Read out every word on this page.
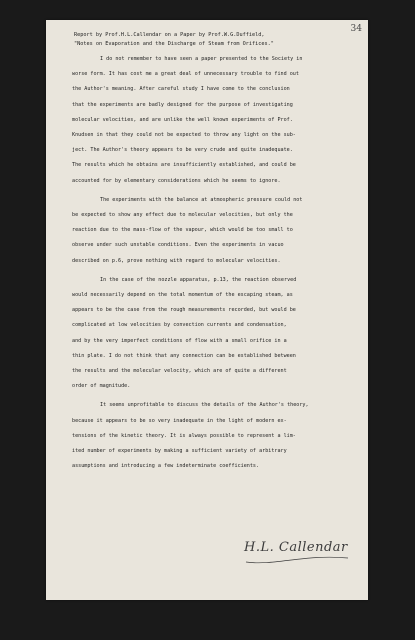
34
Report by Prof.H.L.Callendar on a Paper by Prof.W.G.Duffield,
"Notes on Evaporation and the Discharge of Steam from Orifices."
I do not remember to have seen a paper presented to the Society in
worse form. It has cost me a great deal of unnecessary trouble to find out
the Author's meaning. After careful study I have come to the conclusion
that the experiments are badly designed for the purpose of investigating
molecular velocities, and are unlike the well known experiments of Prof.
Knudsen in that they could not be expected to throw any light on the sub-
ject. The Author's theory appears to be very crude and quite inadequate.
The results which he obtains are insufficiently established, and could be
accounted for by elementary considerations which he seems to ignore.
The experiments with the balance at atmospheric pressure could not
be expected to show any effect due to molecular velocities, but only the
reaction due to the mass-flow of the vapour, which would be too small to
observe under such unstable conditions. Even the experiments in vacuo
described on p.6, prove nothing with regard to molecular velocities.
In the case of the nozzle apparatus, p.13, the reaction observed
would necessarily depend on the total momentum of the escaping steam, as
appears to be the case from the rough measurements recorded, but would be
complicated at low velocities by convection currents and condensation,
and by the very imperfect conditions of flow with a small orifice in a
thin plate. I do not think that any connection can be established between
the results and the molecular velocity, which are of quite a different
order of magnitude.
It seems unprofitable to discuss the details of the Author's theory,
because it appears to be so very inadequate in the light of modern ex-
tensions of the kinetic theory. It is always possible to represent a lim-
ited number of experiments by making a sufficient variety of arbitrary
assumptions and introducing a few indeterminate coefficients.
H.L. Callendar
